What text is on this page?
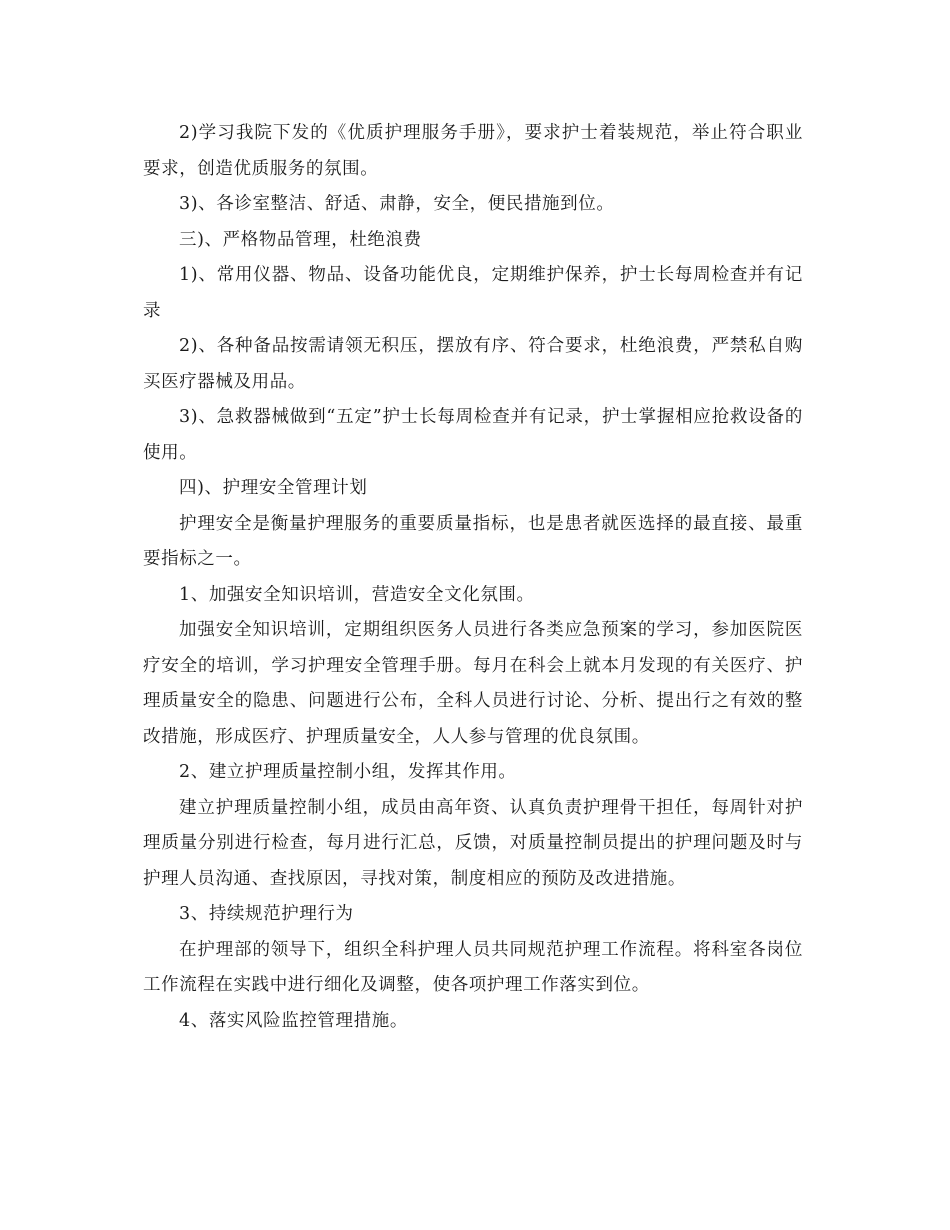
2)学习我院下发的《优质护理服务手册》，要求护士着装规范，举止符合职业要求，创造优质服务的氛围。

3)、各诊室整洁、舒适、肃静，安全，便民措施到位。

三)、严格物品管理，杜绝浪费

1)、常用仪器、物品、设备功能优良，定期维护保养，护士长每周检查并有记录

2)、各种备品按需请领无积压，摆放有序、符合要求，杜绝浪费，严禁私自购买医疗器械及用品。

3)、急救器械做到“五定”护士长每周检查并有记录，护士掌握相应抢救设备的使用。

四)、护理安全管理计划

护理安全是衡量护理服务的重要质量指标，也是患者就医选择的最直接、最重要指标之一。

1、加强安全知识培训，营造安全文化氛围。

加强安全知识培训，定期组织医务人员进行各类应急预案的学习，参加医院医疗安全的培训，学习护理安全管理手册。每月在科会上就本月发现的有关医疗、护理质量安全的隐患、问题进行公布，全科人员进行讨论、分析、提出行之有效的整改措施，形成医疗、护理质量安全，人人参与管理的优良氛围。

2、建立护理质量控制小组，发挥其作用。

建立护理质量控制小组，成员由高年资、认真负责护理骨干担任，每周针对护理质量分别进行检查，每月进行汇总，反馈，对质量控制员提出的护理问题及时与护理人员沟通、查找原因，寻找对策，制度相应的预防及改进措施。

3、持续规范护理行为

在护理部的领导下，组织全科护理人员共同规范护理工作流程。将科室各岗位工作流程在实践中进行细化及调整，使各项护理工作落实到位。

4、落实风险监控管理措施。
